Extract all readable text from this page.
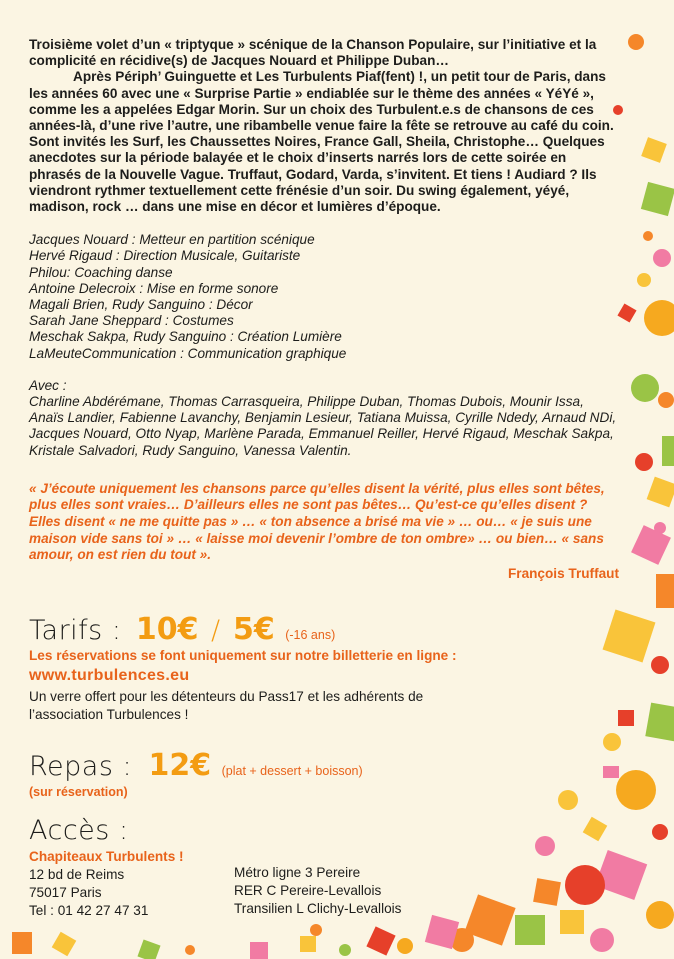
Troisième volet d’un « triptyque » scénique de la Chanson Populaire, sur l’initiative et la complicité en récidive(s) de Jacques Nouard et Philippe Duban…

Après Périph’ Guinguette et Les Turbulents Piaf(fent) !, un petit tour de Paris, dans les années 60 avec une « Surprise Partie » endiablée sur le thème des années « YéYé », comme les a appelées Edgar Morin. Sur un choix des Turbulent.e.s de chansons de ces années-là, d’une rive l’autre, une ribambelle venue faire la fête se retrouve au café du coin. Sont invités les Surf, les Chaussettes Noires, France Gall, Sheila, Christophe… Quelques anecdotes sur la période balayée et le choix d’inserts narrés lors de cette soirée en phrasés de la Nouvelle Vague. Truffaut, Godard, Varda, s’invitent. Et tiens ! Audiard ? Ils viendront rythmer textuellement cette frénésie d’un soir. Du swing également, yéyé, madison, rock … dans une mise en décor et lumières d’époque.

Jacques Nouard : Metteur en partition scénique
Hervé Rigaud : Direction Musicale, Guitariste
Philou: Coaching danse
Antoine Delecroix : Mise en forme sonore
Magali Brien, Rudy Sanguino : Décor
Sarah Jane Sheppard : Costumes
Meschak Sakpa, Rudy Sanguino : Création Lumière
LaMeuteCommunication : Communication graphique
Avec :
Charline Abdérémane, Thomas Carrasqueira, Philippe Duban, Thomas Dubois, Mounir Issa, Anaïs Landier, Fabienne Lavanchy, Benjamin Lesieur, Tatiana Muissa, Cyrille Ndedy, Arnaud NDi, Jacques Nouard, Otto Nyap, Marlène Parada, Emmanuel Reiller, Hervé Rigaud, Meschak Sakpa, Kristale Salvadori, Rudy Sanguino, Vanessa Valentin.
« J’écoute uniquement les chansons parce qu’elles disent la vérité, plus elles sont bêtes, plus elles sont vraies… D’ailleurs elles ne sont pas bêtes… Qu’est-ce qu’elles disent ? Elles disent « ne me quitte pas » … « ton absence a brisé ma vie » … ou… « je suis une maison vide sans toi » … « laisse moi devenir l’ombre de ton ombre» … ou bien… « sans amour, on est rien du tout ».
François Truffaut
Tarifs : 10€ / 5€ (-16 ans)
Les réservations se font uniquement sur notre billetterie en ligne :
www.turbulences.eu
Un verre offert pour les détenteurs du Pass17 et les adhérents de l’association Turbulences !
Repas : 12€ (plat + dessert + boisson)
(sur réservation)
Accès :
Chapiteaux Turbulents !
12 bd de Reims
75017 Paris
Tel : 01 42 27 47 31
Métro ligne 3 Pereire
RER C Pereire-Levallois
Transilien L Clichy-Levallois
